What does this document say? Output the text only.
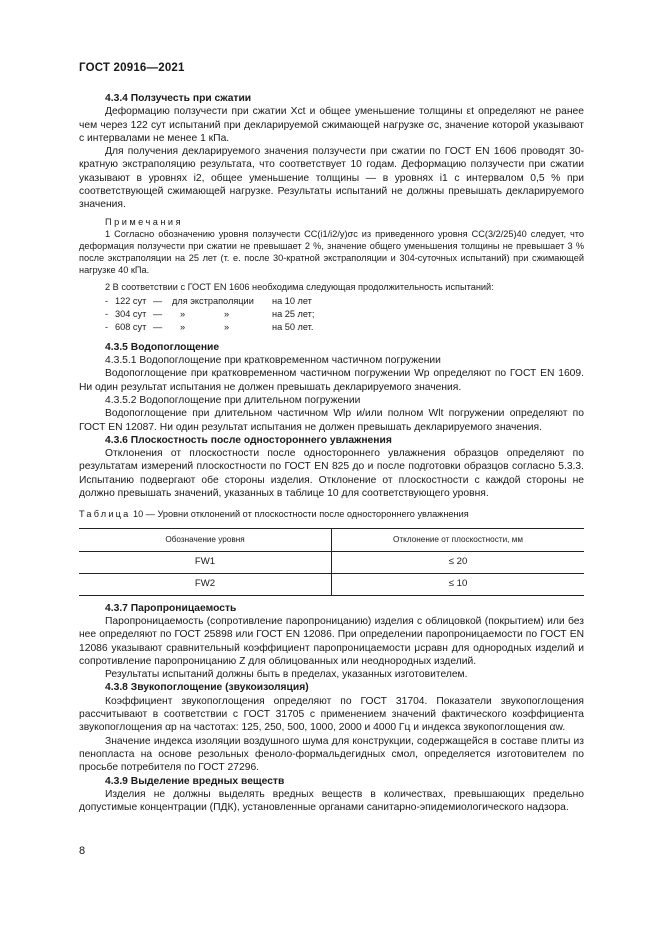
ГОСТ 20916—2021

4.3.4 Ползучесть при сжатии

Деформацию ползучести при сжатии Xct и общее уменьшение толщины εt определяют не ранее чем через 122 сут испытаний при декларируемой сжимающей нагрузке σc, значение которой указывают с интервалами не менее 1 кПа.

Для получения декларируемого значения ползучести при сжатии по ГОСТ EN 1606 проводят 30-кратную экстраполяцию результата, что соответствует 10 годам. Деформацию ползучести при сжатии указывают в уровнях i2, общее уменьшение толщины — в уровнях i1 с интервалом 0,5 % при соответствующей сжимающей нагрузке. Результаты испытаний не должны превышать декларируемого значения.

Примечания

1 Согласно обозначению уровня ползучести CC(i1/i2/y)σc из приведенного уровня CC(3/2/25)40 следует, что деформация ползучести при сжатии не превышает 2 %, значение общего уменьшения толщины не превышает 3 % после экстраполяции на 25 лет (т. е. после 30-кратной экстраполяции и 304-суточных испытаний) при сжимающей нагрузке 40 кПа.

2 В соответствии с ГОСТ EN 1606 необходима следующая продолжительность испытаний:

- 122 сут — для экстраполяции на 10 лет
- 304 сут — »	»	на 25 лет;
- 608 сут — »	»	на 50 лет.

4.3.5 Водопоглощение

4.3.5.1 Водопоглощение при кратковременном частичном погружении

Водопоглощение при кратковременном частичном погружении Wp определяют по ГОСТ EN 1609. Ни один результат испытания не должен превышать декларируемого значения.

4.3.5.2 Водопоглощение при длительном погружении

Водопоглощение при длительном частичном Wlp и/или полном Wlt погружении определяют по ГОСТ EN 12087. Ни один результат испытания не должен превышать декларируемого значения.

4.3.6 Плоскостность после одностороннего увлажнения

Отклонения от плоскостности после одностороннего увлажнения образцов определяют по результатам измерений плоскостности по ГОСТ EN 825 до и после подготовки образцов согласно 5.3.3. Испытанию подвергают обе стороны изделия. Отклонение от плоскостности с каждой стороны не должно превышать значений, указанных в таблице 10 для соответствующего уровня.

Таблица 10 — Уровни отклонений от плоскостности после одностороннего увлажнения
Обозначение уровня	Отклонение от плоскостности, мм
FW1	≤ 20
FW2	≤ 10

4.3.7 Паропроницаемость

Паропроницаемость (сопротивление паропроницанию) изделия с облицовкой (покрытием) или без нее определяют по ГОСТ 25898 или ГОСТ EN 12086. При определении паропроницаемости по ГОСТ EN 12086 указывают сравнительный коэффициент паропроницаемости μсравн для однородных изделий и сопротивление паропроницанию Z для облицованных или неоднородных изделий.

Результаты испытаний должны быть в пределах, указанных изготовителем.

4.3.8 Звукопоглощение (звукоизоляция)

Коэффициент звукопоглощения определяют по ГОСТ 31704. Показатели звукопоглощения рассчитывают в соответствии с ГОСТ 31705 с применением значений фактического коэффициента звукопоглощения αp на частотах: 125, 250, 500, 1000, 2000 и 4000 Гц и индекса звукопоглощения αw.

Значение индекса изоляции воздушного шума для конструкции, содержащейся в составе плиты из пенопласта на основе резольных феноло-формальдегидных смол, определяется изготовителем по просьбе потребителя по ГОСТ 27296.

4.3.9 Выделение вредных веществ

Изделия не должны выделять вредных веществ в количествах, превышающих предельно допустимые концентрации (ПДК), установленные органами санитарно-эпидемиологического надзора.

8
